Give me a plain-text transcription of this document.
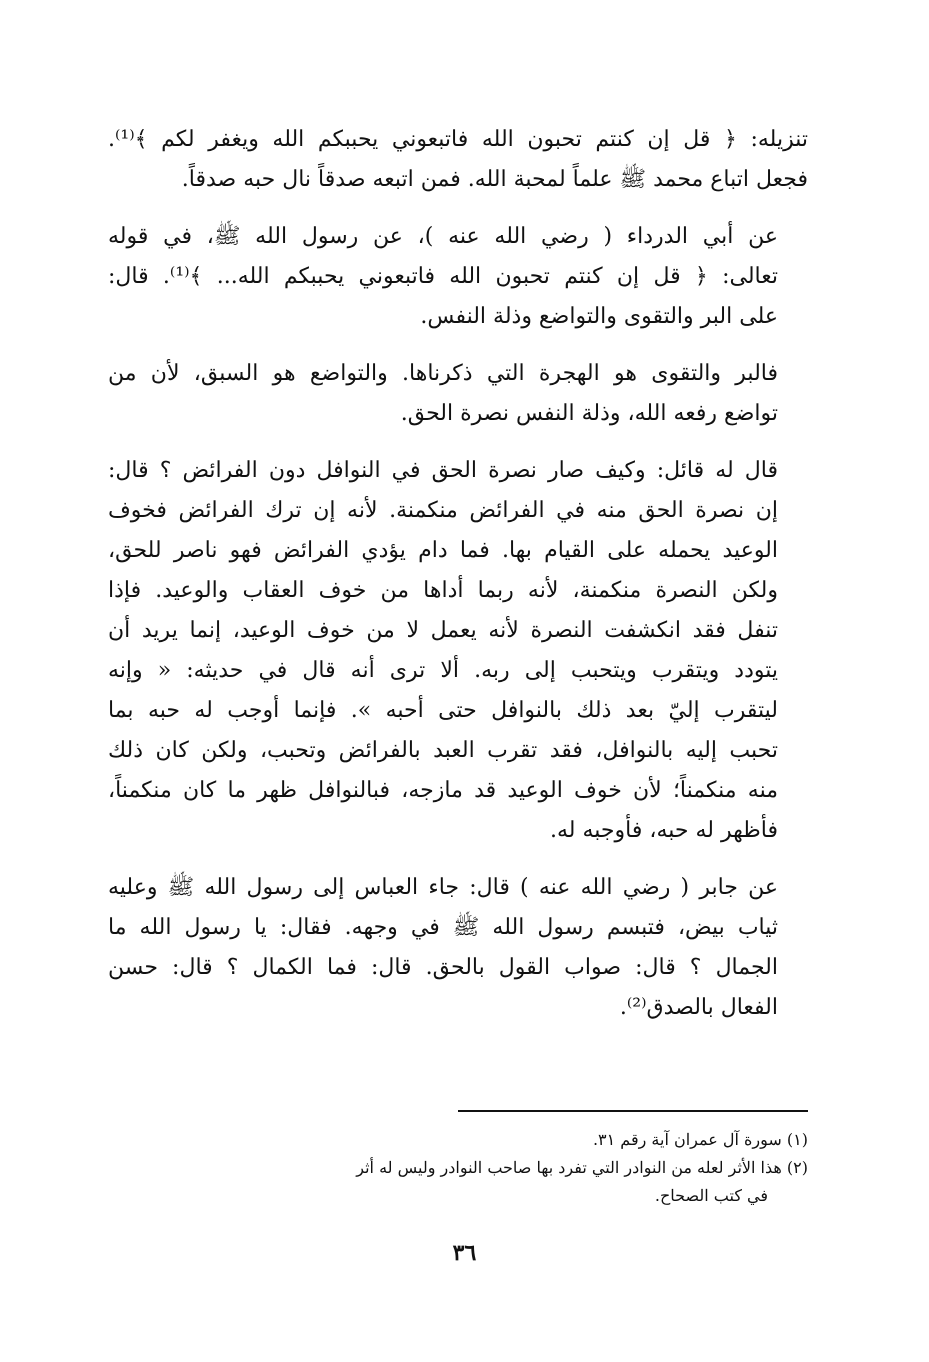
تنزيله: ﴿ قل إن كنتم تحبون الله فاتبعوني يحببكم الله ويغفر لكم ﴾⁽¹⁾.
فجعل اتباع محمد ﷺ علماً لمحبة الله. فمن اتبعه صدقاً نال حبه صدقاً.
عن أبي الدرداء ( رضي الله عنه )، عن رسول الله ﷺ، في قوله
تعالى: ﴿ قل إن كنتم تحبون الله فاتبعوني يحببكم الله... ﴾⁽¹⁾. قال:
على البر والتقوى والتواضع وذلة النفس.
فالبر والتقوى هو الهجرة التي ذكرناها. والتواضع هو السبق، لأن من
تواضع رفعه الله، وذلة النفس نصرة الحق.
قال له قائل: وكيف صار نصرة الحق في النوافل دون الفرائض ؟ قال:
إن نصرة الحق منه في الفرائض منكمنة. لأنه إن ترك الفرائض فخوف
الوعيد يحمله على القيام بها. فما دام يؤدي الفرائض فهو ناصر للحق،
ولكن النصرة منكمنة، لأنه ربما أداها من خوف العقاب والوعيد. فإذا
تنفل فقد انكشفت النصرة لأنه يعمل لا من خوف الوعيد، إنما يريد أن
يتودد ويتقرب ويتحبب إلى ربه. ألا ترى أنه قال في حديثه: « وإنه
ليتقرب إليّ بعد ذلك بالنوافل حتى أحبه ». فإنما أوجب له حبه بما
تحبب إليه بالنوافل، فقد تقرب العبد بالفرائض وتحبب، ولكن كان ذلك
منه منكمناً؛ لأن خوف الوعيد قد مازجه، فبالنوافل ظهر ما كان منكمناً،
فأظهر له حبه، فأوجبه له.
عن جابر ( رضي الله عنه ) قال: جاء العباس إلى رسول الله ﷺ وعليه
ثياب بيض، فتبسم رسول الله ﷺ في وجهه. فقال: يا رسول الله ما
الجمال ؟ قال: صواب القول بالحق. قال: فما الكمال ؟ قال: حسن
الفعال بالصدق⁽²⁾.

(١) سورة آل عمران آية رقم ٣١.

(٢) هذا الأثر لعله من النوادر التي تفرد بها صاحب النوادر وليس له أثر

في كتب الصحاح.

٣٦
